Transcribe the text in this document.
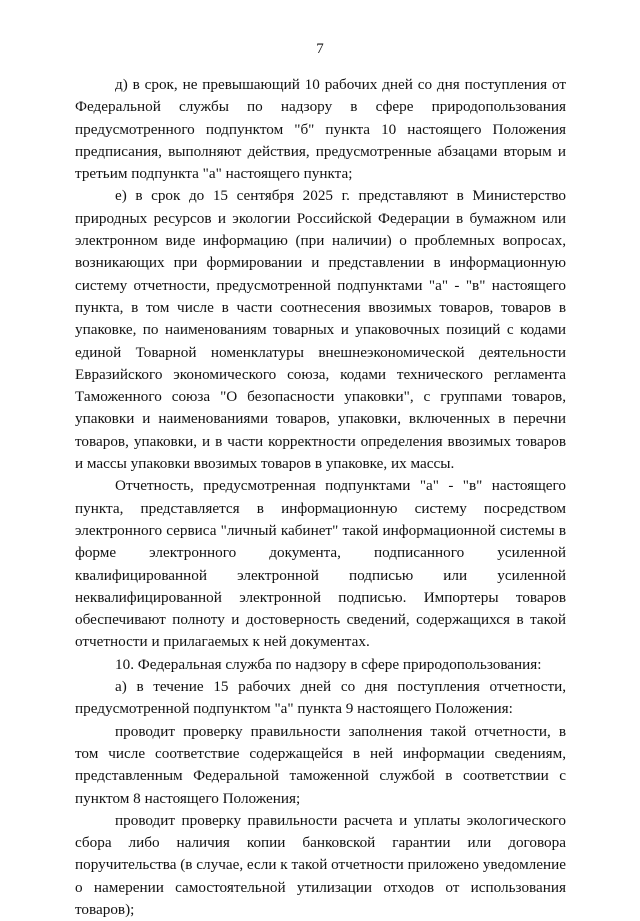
7

д) в срок, не превышающий 10 рабочих дней со дня поступления от Федеральной службы по надзору в сфере природопользования предусмотренного подпунктом "б" пункта 10 настоящего Положения предписания, выполняют действия, предусмотренные абзацами вторым и третьим подпункта "а" настоящего пункта;

е) в срок до 15 сентября 2025 г. представляют в Министерство природных ресурсов и экологии Российской Федерации в бумажном или электронном виде информацию (при наличии) о проблемных вопросах, возникающих при формировании и представлении в информационную систему отчетности, предусмотренной подпунктами "а" - "в" настоящего пункта, в том числе в части соотнесения ввозимых товаров, товаров в упаковке, по наименованиям товарных и упаковочных позиций с кодами единой Товарной номенклатуры внешнеэкономической деятельности Евразийского экономического союза, кодами технического регламента Таможенного союза "О безопасности упаковки", с группами товаров, упаковки и наименованиями товаров, упаковки, включенных в перечни товаров, упаковки, и в части корректности определения ввозимых товаров и массы упаковки ввозимых товаров в упаковке, их массы.

Отчетность, предусмотренная подпунктами "а" - "в" настоящего пункта, представляется в информационную систему посредством электронного сервиса "личный кабинет" такой информационной системы в форме электронного документа, подписанного усиленной квалифицированной электронной подписью или усиленной неквалифицированной электронной подписью. Импортеры товаров обеспечивают полноту и достоверность сведений, содержащихся в такой отчетности и прилагаемых к ней документах.

10. Федеральная служба по надзору в сфере природопользования:

а) в течение 15 рабочих дней со дня поступления отчетности, предусмотренной подпунктом "а" пункта 9 настоящего Положения:

проводит проверку правильности заполнения такой отчетности, в том числе соответствие содержащейся в ней информации сведениям, представленным Федеральной таможенной службой в соответствии с пунктом 8 настоящего Положения;

проводит проверку правильности расчета и уплаты экологического сбора либо наличия копии банковской гарантии или договора поручительства (в случае, если к такой отчетности приложено уведомление о намерении самостоятельной утилизации отходов от использования товаров);
